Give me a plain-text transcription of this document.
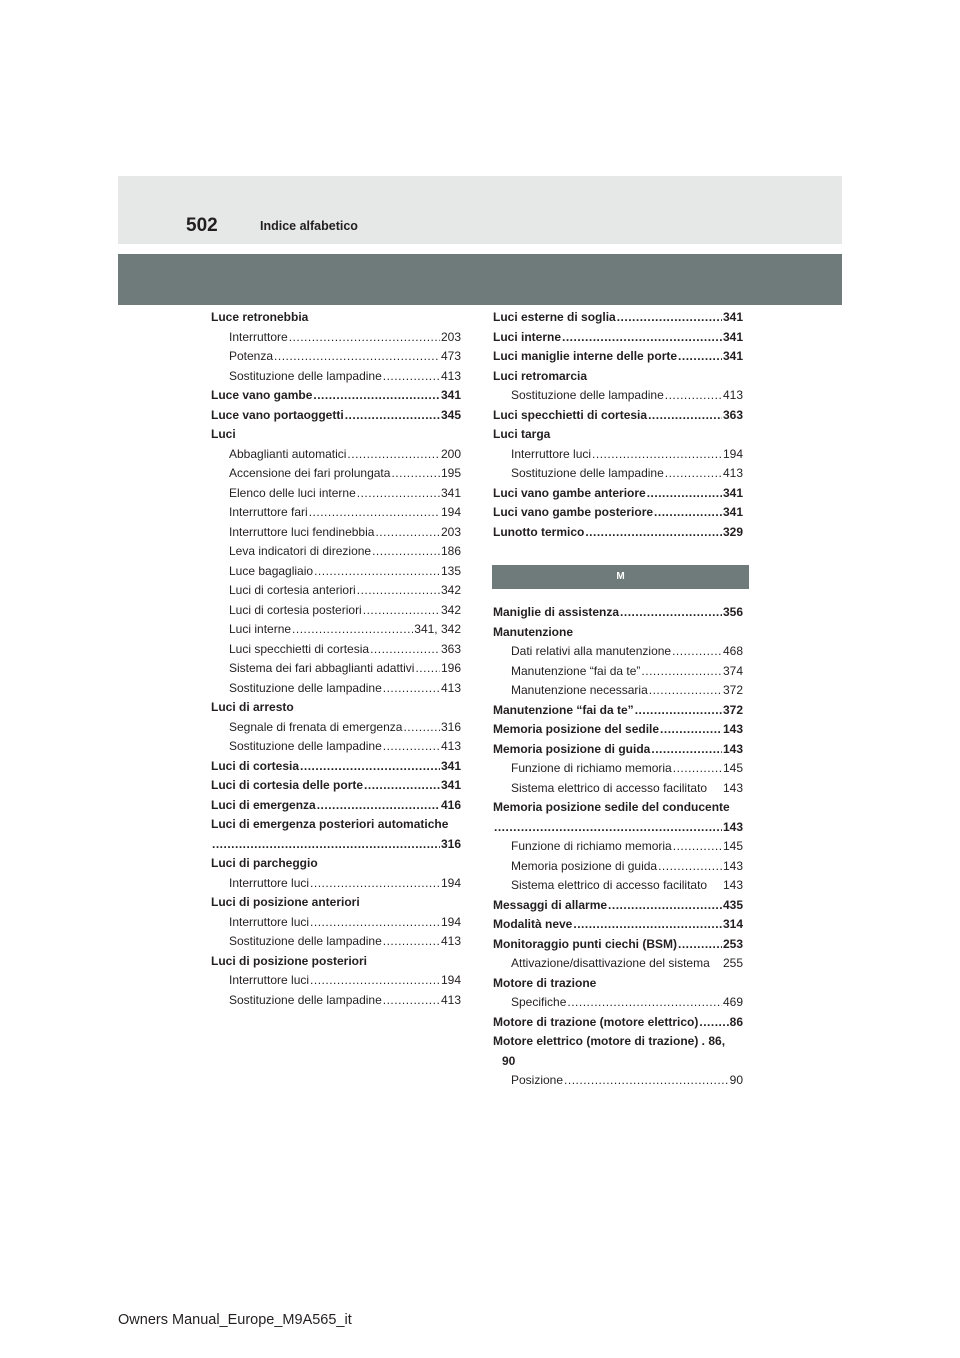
502	Indice alfabetico
Luce retronebbia
Interruttore .....	203
Potenza .....	473
Sostituzione delle lampadine .....	413
Luce vano gambe .....	341
Luce vano portaoggetti .....	345
Luci
Abbaglianti automatici .....	200
Accensione dei fari prolungata .....	195
Elenco delle luci interne .....	341
Interruttore fari .....	194
Interruttore luci fendinebbia .....	203
Leva indicatori di direzione .....	186
Luce bagagliaio .....	135
Luci di cortesia anteriori .....	342
Luci di cortesia posteriori .....	342
Luci interne .....	341, 342
Luci specchietti di cortesia .....	363
Sistema dei fari abbaglianti adattivi ..... 196
Sostituzione delle lampadine .....	413
Luci di arresto
Segnale di frenata di emergenza .....	316
Sostituzione delle lampadine .....	413
Luci di cortesia .....	341
Luci di cortesia delle porte .....	341
Luci di emergenza .....	416
Luci di emergenza posteriori automatiche
.....
316
Luci di parcheggio
Interruttore luci .....	194
Luci di posizione anteriori
Interruttore luci .....	194
Sostituzione delle lampadine .....	413
Luci di posizione posteriori
Interruttore luci .....	194
Sostituzione delle lampadine .....	413
Luci esterne di soglia .....	341
Luci interne .....	341
Luci maniglie interne delle porte .....	341
Luci retromarcia
Sostituzione delle lampadine .....	413
Luci specchietti di cortesia .....	363
Luci targa
Interruttore luci .....	194
Sostituzione delle lampadine .....	413
Luci vano gambe anteriore .....	341
Luci vano gambe posteriore .....	341
Lunotto termico .....	329
M
Maniglie di assistenza .....	356
Manutenzione
Dati relativi alla manutenzione .....	468
Manutenzione “fai da te” .....	374
Manutenzione necessaria .....	372
Manutenzione “fai da te” .....	372
Memoria posizione del sedile .....	143
Memoria posizione di guida .....	143
Funzione di richiamo memoria .....	145
Sistema elettrico di accesso facilitato 143
Memoria posizione sedile del conducente
.....
143
Funzione di richiamo memoria .....	145
Memoria posizione di guida .....	143
Sistema elettrico di accesso facilitato 143
Messaggi di allarme .....	435
Modalità neve .....	314
Monitoraggio punti ciechi (BSM) .....	253
Attivazione/disattivazione del sistema 255
Motore di trazione
Specifiche .....	469
Motore di trazione (motore elettrico) .....	86
Motore elettrico (motore di trazione) . 86,
90
Posizione .....	90
Owners Manual_Europe_M9A565_it
